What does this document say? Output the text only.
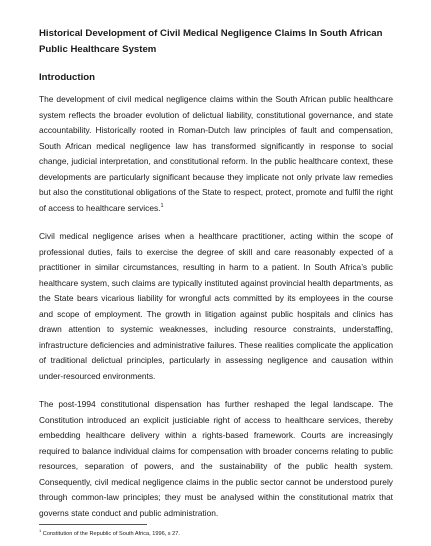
Historical Development of Civil Medical Negligence Claims In South African Public Healthcare System
Introduction

The development of civil medical negligence claims within the South African public healthcare system reflects the broader evolution of delictual liability, constitutional governance, and state accountability. Historically rooted in Roman-Dutch law principles of fault and compensation, South African medical negligence law has transformed significantly in response to social change, judicial interpretation, and constitutional reform. In the public healthcare context, these developments are particularly significant because they implicate not only private law remedies but also the constitutional obligations of the State to respect, protect, promote and fulfil the right of access to healthcare services.$^1$

Civil medical negligence arises when a healthcare practitioner, acting within the scope of professional duties, fails to exercise the degree of skill and care reasonably expected of a practitioner in similar circumstances, resulting in harm to a patient. In South Africa’s public healthcare system, such claims are typically instituted against provincial health departments, as the State bears vicarious liability for wrongful acts committed by its employees in the course and scope of employment. The growth in litigation against public hospitals and clinics has drawn attention to systemic weaknesses, including resource constraints, understaffing, infrastructure deficiencies and administrative failures. These realities complicate the application of traditional delictual principles, particularly in assessing negligence and causation within under-resourced environments.

The post-1994 constitutional dispensation has further reshaped the legal landscape. The Constitution introduced an explicit justiciable right of access to healthcare services, thereby embedding healthcare delivery within a rights-based framework. Courts are increasingly required to balance individual claims for compensation with broader concerns relating to public resources, separation of powers, and the sustainability of the public health system. Consequently, civil medical negligence claims in the public sector cannot be understood purely through common-law principles; they must be analysed within the constitutional matrix that governs state conduct and public administration.

$^1$ Constitution of the Republic of South Africa, 1996, s 27.
